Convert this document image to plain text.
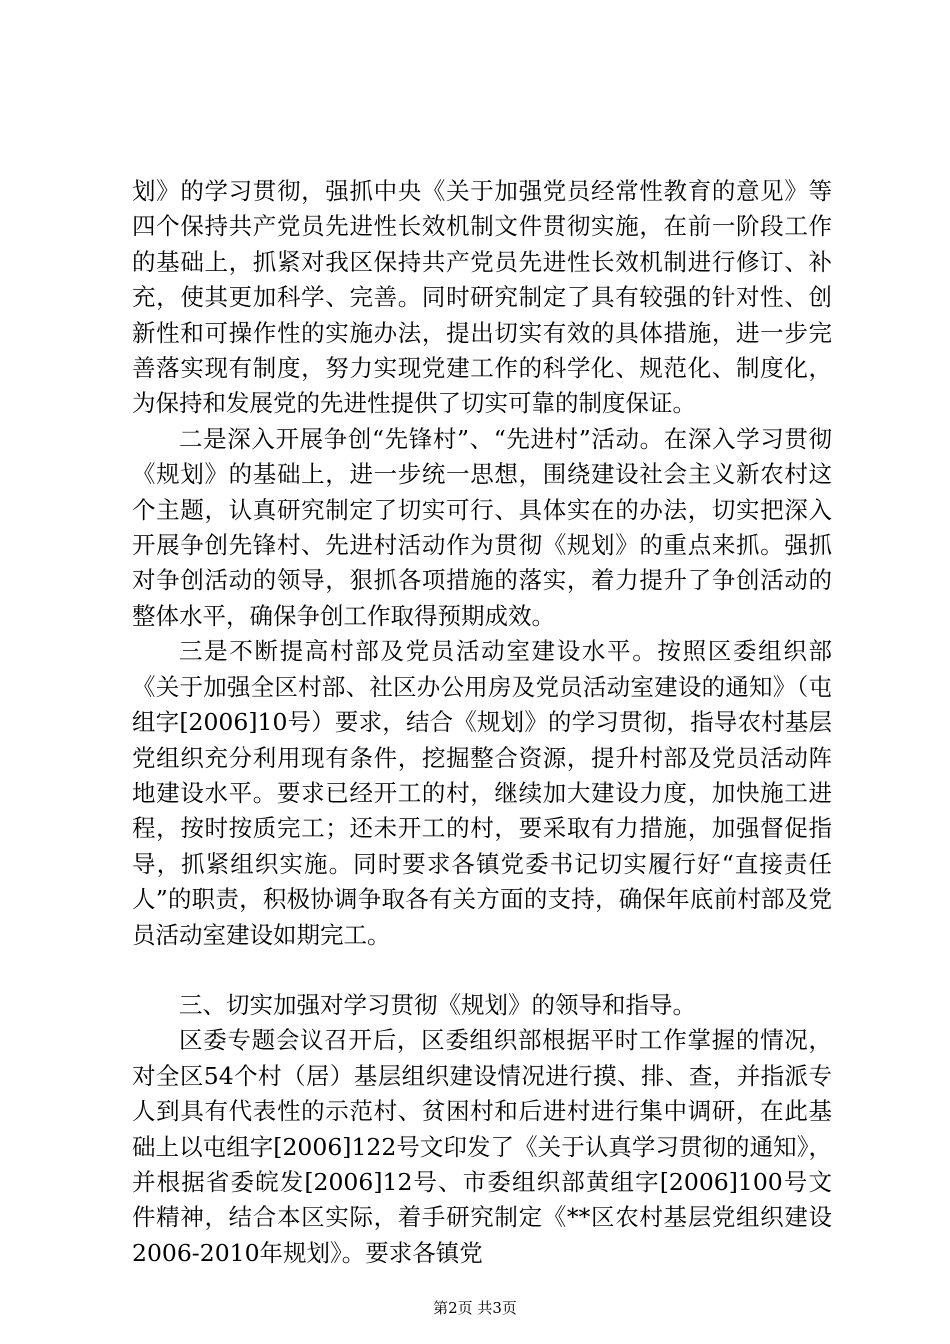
划》的学习贯彻，强抓中央《关于加强党员经常性教育的意见》等四个保持共产党员先进性长效机制文件贯彻实施，在前一阶段工作的基础上，抓紧对我区保持共产党员先进性长效机制进行修订、补充，使其更加科学、完善。同时研究制定了具有较强的针对性、创新性和可操作性的实施办法，提出切实有效的具体措施，进一步完善落实现有制度，努力实现党建工作的科学化、规范化、制度化，为保持和发展党的先进性提供了切实可靠的制度保证。

二是深入开展争创“先锋村”、“先进村”活动。在深入学习贯彻《规划》的基础上，进一步统一思想，围绕建设社会主义新农村这个主题，认真研究制定了切实可行、具体实在的办法，切实把深入开展争创先锋村、先进村活动作为贯彻《规划》的重点来抓。强抓对争创活动的领导，狠抓各项措施的落实，着力提升了争创活动的整体水平，确保争创工作取得预期成效。

三是不断提高村部及党员活动室建设水平。按照区委组织部《关于加强全区村部、社区办公用房及党员活动室建设的通知》（屯组字[2006]10号）要求，结合《规划》的学习贯彻，指导农村基层党组织充分利用现有条件，挖掘整合资源，提升村部及党员活动阵地建设水平。要求已经开工的村，继续加大建设力度，加快施工进程，按时按质完工；还未开工的村，要采取有力措施，加强督促指导，抓紧组织实施。同时要求各镇党委书记切实履行好“直接责任人”的职责，积极协调争取各有关方面的支持，确保年底前村部及党员活动室建设如期完工。

三、切实加强对学习贯彻《规划》的领导和指导。

区委专题会议召开后，区委组织部根据平时工作掌握的情况，对全区54个村（居）基层组织建设情况进行摸、排、查，并指派专人到具有代表性的示范村、贫困村和后进村进行集中调研，在此基础上以屯组字[2006]122号文印发了《关于认真学习贯彻的通知》，并根据省委皖发[2006]12号、市委组织部黄组字[2006]100号文件精神，结合本区实际，着手研究制定《**区农村基层党组织建设2006-2010年规划》。要求各镇党

第2页 共3页
